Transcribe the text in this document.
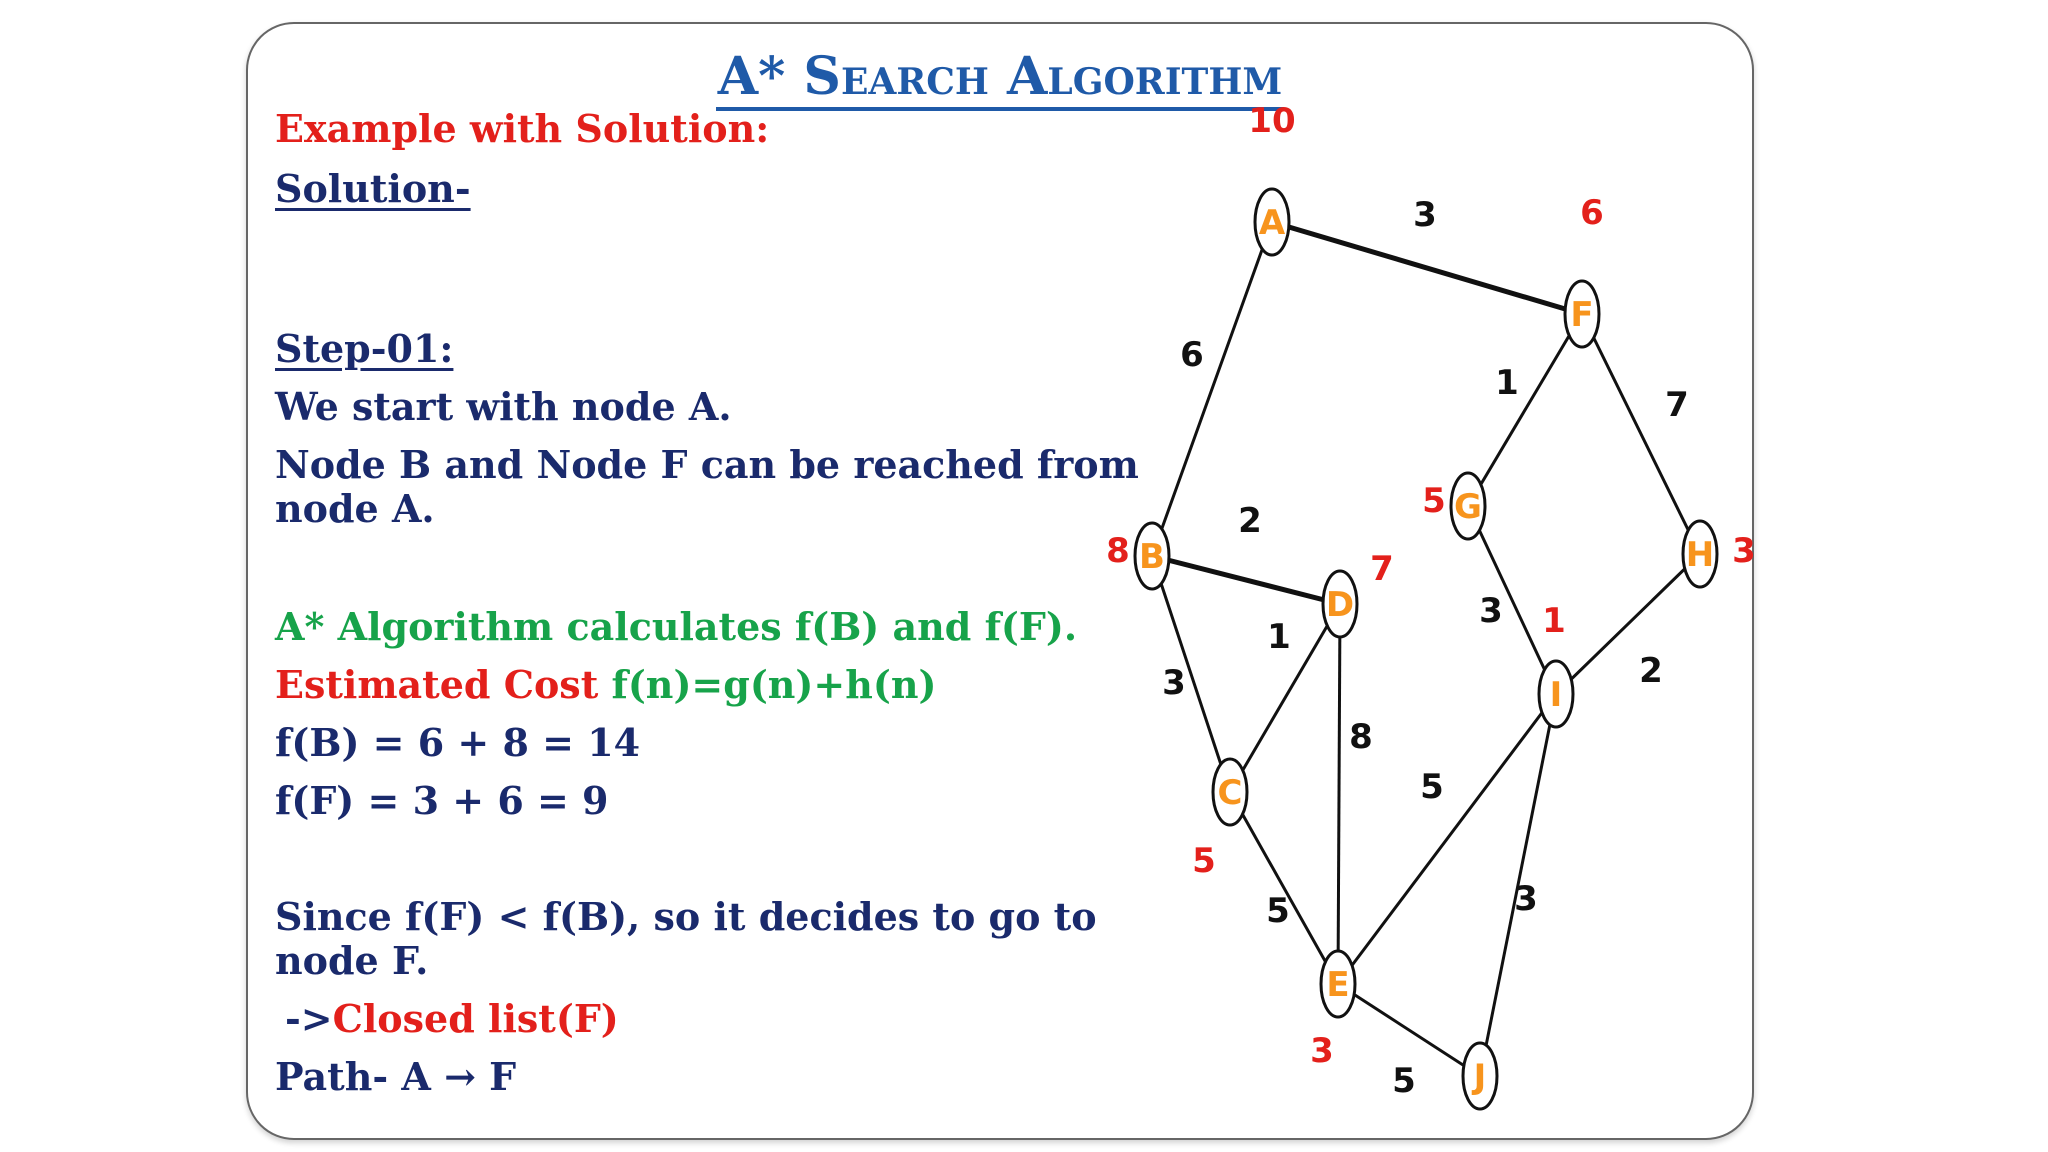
A* Search Algorithm

Example with Solution:

Solution-

Step-01:

We start with node A.

Node B and Node F can be reached from

node A.

A* Algorithm calculates f(B) and f(F).

Estimated Cost f(n)=g(n)+h(n)

f(B) = 6 + 8 = 14

f(F) = 3 + 6 = 9

Since f(F) < f(B), so it decides to go to

node F.

->Closed list(F)

Path- A → F

3
6
2
3
1
5
8
1
7
3
2
5
3
5
A
10
B
8
C
5
D
7
E
3
F
6
G
5
H 3
I
1
J
